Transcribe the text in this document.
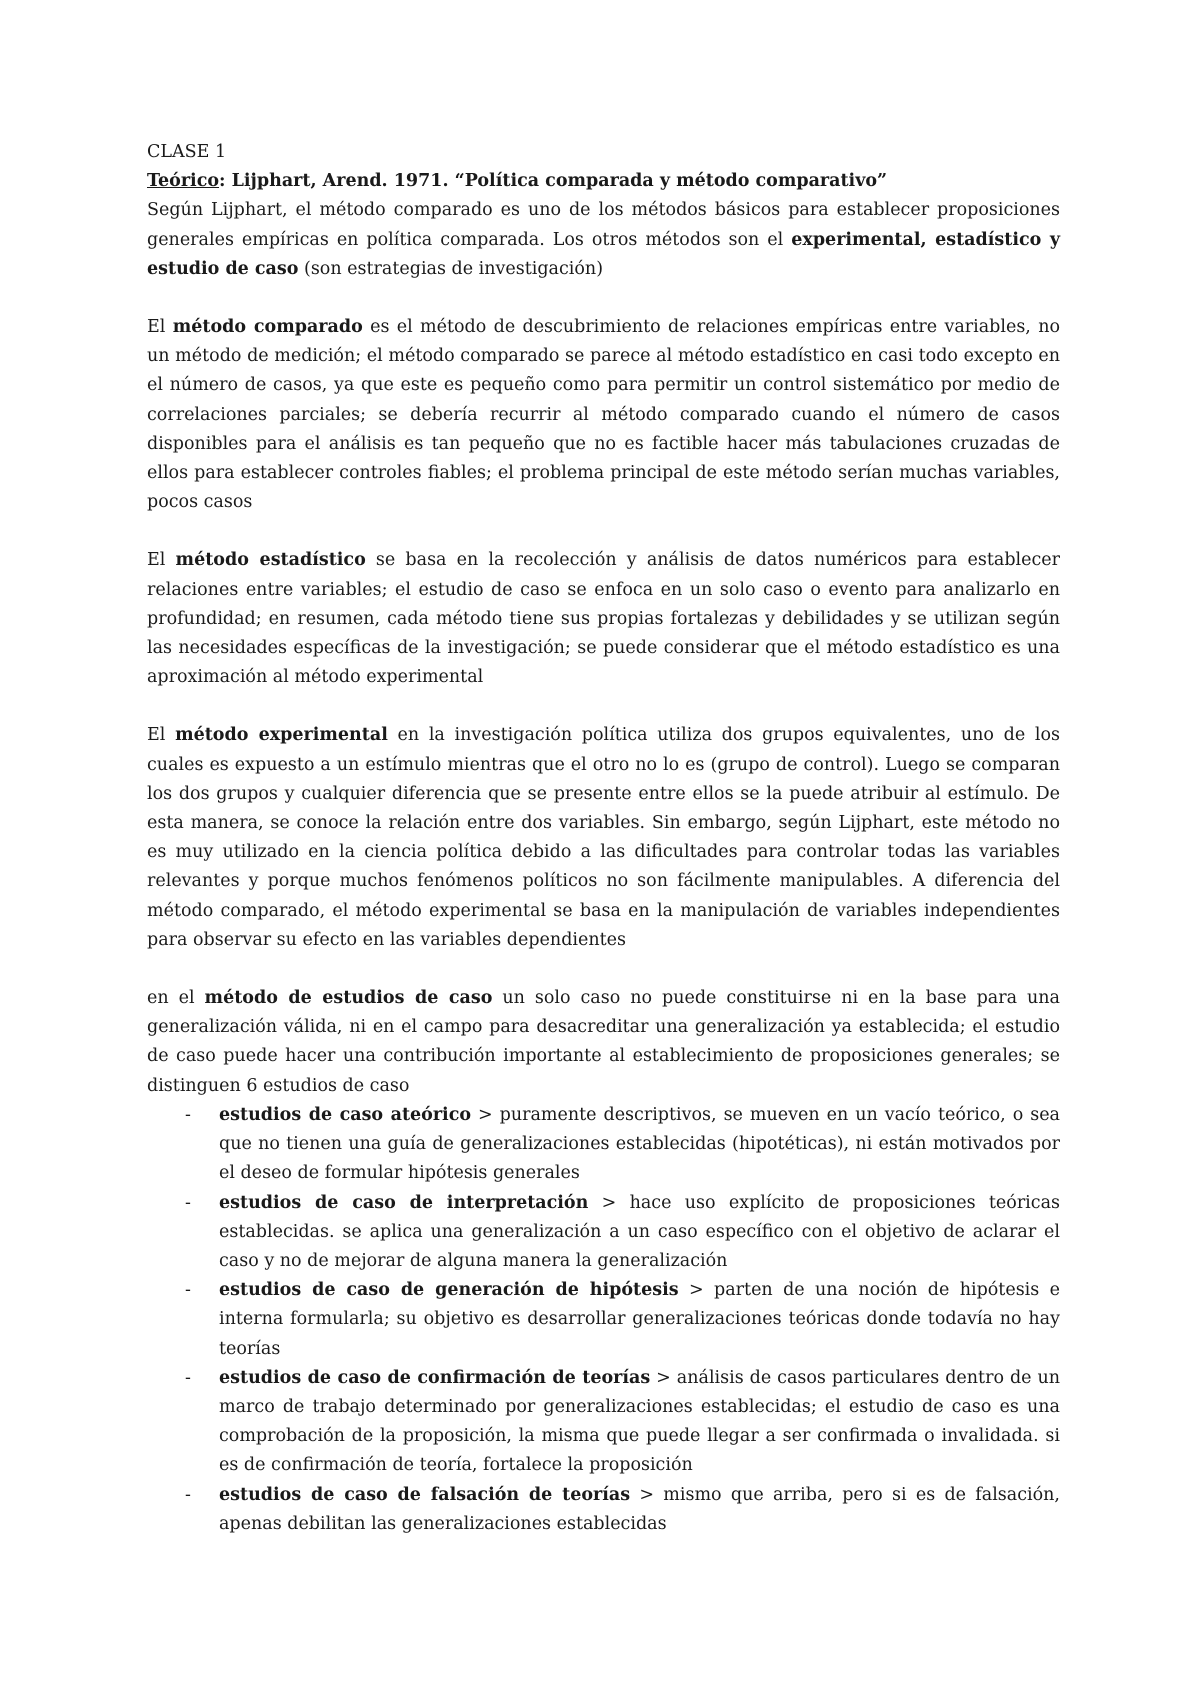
CLASE 1

Teórico: Lijphart, Arend. 1971. “Política comparada y método comparativo”

Según Lijphart, el método comparado es uno de los métodos básicos para establecer proposiciones generales empíricas en política comparada. Los otros métodos son el experimental, estadístico y estudio de caso (son estrategias de investigación)

El método comparado es el método de descubrimiento de relaciones empíricas entre variables, no un método de medición; el método comparado se parece al método estadístico en casi todo excepto en el número de casos, ya que este es pequeño como para permitir un control sistemático por medio de correlaciones parciales; se debería recurrir al método comparado cuando el número de casos disponibles para el análisis es tan pequeño que no es factible hacer más tabulaciones cruzadas de ellos para establecer controles fiables; el problema principal de este método serían muchas variables, pocos casos

El método estadístico se basa en la recolección y análisis de datos numéricos para establecer relaciones entre variables; el estudio de caso se enfoca en un solo caso o evento para analizarlo en profundidad; en resumen, cada método tiene sus propias fortalezas y debilidades y se utilizan según las necesidades específicas de la investigación; se puede considerar que el método estadístico es una aproximación al método experimental

El método experimental en la investigación política utiliza dos grupos equivalentes, uno de los cuales es expuesto a un estímulo mientras que el otro no lo es (grupo de control). Luego se comparan los dos grupos y cualquier diferencia que se presente entre ellos se la puede atribuir al estímulo. De esta manera, se conoce la relación entre dos variables. Sin embargo, según Lijphart, este método no es muy utilizado en la ciencia política debido a las dificultades para controlar todas las variables relevantes y porque muchos fenómenos políticos no son fácilmente manipulables. A diferencia del método comparado, el método experimental se basa en la manipulación de variables independientes para observar su efecto en las variables dependientes

en el método de estudios de caso un solo caso no puede constituirse ni en la base para una generalización válida, ni en el campo para desacreditar una generalización ya establecida; el estudio de caso puede hacer una contribución importante al establecimiento de proposiciones generales; se distinguen 6 estudios de caso

- estudios de caso ateórico > puramente descriptivos, se mueven en un vacío teórico, o sea que no tienen una guía de generalizaciones establecidas (hipotéticas), ni están motivados por el deseo de formular hipótesis generales
- estudios de caso de interpretación > hace uso explícito de proposiciones teóricas establecidas. se aplica una generalización a un caso específico con el objetivo de aclarar el caso y no de mejorar de alguna manera la generalización
- estudios de caso de generación de hipótesis > parten de una noción de hipótesis e interna formularla; su objetivo es desarrollar generalizaciones teóricas donde todavía no hay teorías
- estudios de caso de confirmación de teorías > análisis de casos particulares dentro de un marco de trabajo determinado por generalizaciones establecidas; el estudio de caso es una comprobación de la proposición, la misma que puede llegar a ser confirmada o invalidada. si es de confirmación de teoría, fortalece la proposición
- estudios de caso de falsación de teorías > mismo que arriba, pero si es de falsación, apenas debilitan las generalizaciones establecidas
